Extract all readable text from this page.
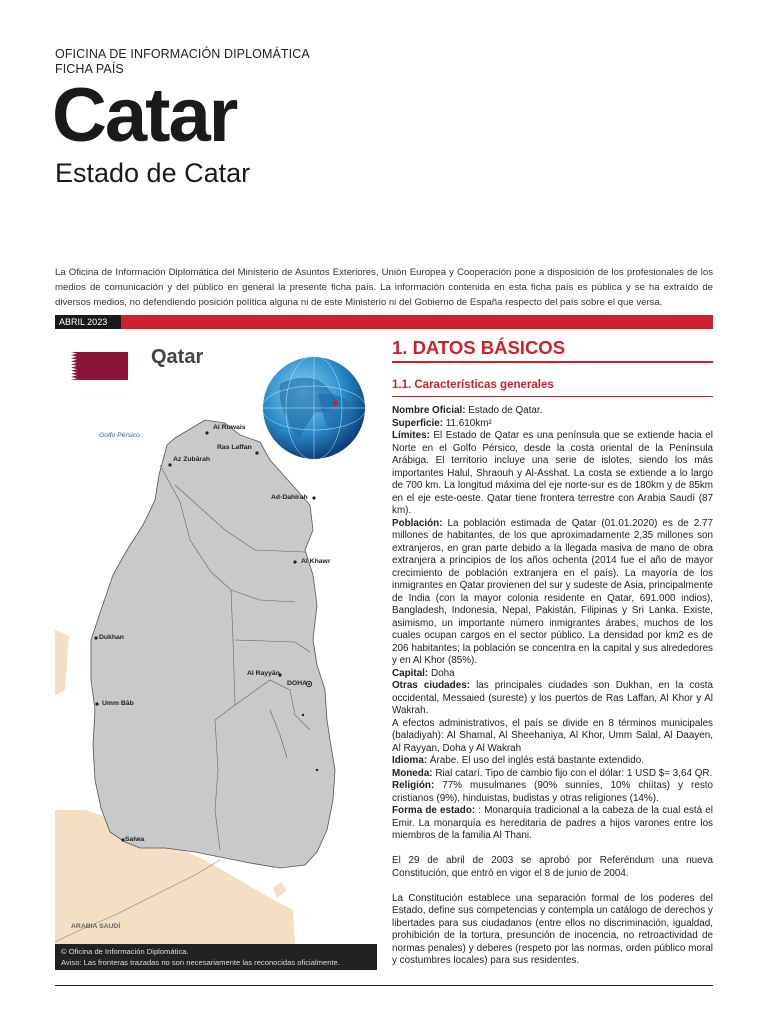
OFICINA DE INFORMACIÓN DIPLOMÁTICA
FICHA PAÍS
Catar
Estado de Catar

La Oficina de Información Diplomática del Ministerio de Asuntos Exteriores, Unión Europea y Cooperación pone a disposición de los profesionales de los medios de comunicación y del público en general la presente ficha país. La información contenida en esta ficha país es pública y se ha extraído de diversos medios, no defendiendo posición política alguna ni de este Ministerio ni del Gobierno de España respecto del país sobre el que versa.

ABRIL 2023
Qatar
Golfo Pérsico
Al Ruwais
Ras Laffan
Az Zubārah
Ad-Dahirah
Al Khawr
Dukhan
Al Rayyān
DOHA
Umm Bāb
Salwa
ARABIA SAUDÍ
© Oficina de Información Diplomática.
Aviso: Las fronteras trazadas no son necesariamente las reconocidas oficialmente.
1. DATOS BÁSICOS
1.1. Características generales

Nombre Oficial: Estado de Qatar.

Superficie: 11.610km²

Límites: El Estado de Qatar es una península que se extiende hacia el Norte en el Golfo Pérsico, desde la costa oriental de la Península Arábiga. El territorio incluye una serie de islotes, siendo los más importantes Halul, Shraouh y Al-Asshat. La costa se extiende a lo largo de 700 km. La longitud máxima del eje norte-sur es de 180km y de 85km en el eje este-oeste. Qatar tiene frontera terrestre con Arabia Saudí (87 km).

Población: La población estimada de Qatar (01.01.2020) es de 2.77 millones de habitantes, de los que aproximadamente 2,35 millones son extranjeros, en gran parte debido a la llegada masiva de mano de obra extranjera a principios de los años ochenta (2014 fue el año de mayor crecimiento de población extranjera en el país). La mayoría de los inmigrantes en Qatar provienen del sur y sudeste de Asia, principalmente de India (con la mayor colonia residente en Qatar, 691.000 indios), Bangladesh, Indonesia, Nepal, Pakistán, Filipinas y Sri Lanka. Existe, asimismo, un importante número inmigrantes árabes, muchos de los cuales ocupan cargos en el sector público. La densidad por km2 es de 206 habitantes; la población se concentra en la capital y sus alrededores y en Al Khor (85%).

Capital: Doha

Otras ciudades: las principales ciudades son Dukhan, en la costa occidental, Messaied (sureste) y los puertos de Ras Laffan, Al Khor y Al Wakrah.

A efectos administrativos, el país se divide en 8 términos municipales (baladiyah): Al Shamal, Al Sheehaniya, Al Khor, Umm Salal, Al Daayen, Al Rayyan, Doha y Al Wakrah

Idioma: Árabe. El uso del inglés está bastante extendido.

Moneda: Rial catarí. Tipo de cambio fijo con el dólar: 1 USD $= 3,64 QR.

Religión: 77% musulmanes (90% sunníes, 10% chiítas) y resto cristianos (9%), hinduistas, budistas y otras religiones (14%).

Forma de estado: : Monarquía tradicional a la cabeza de la cual está el Emir. La monarquía es hereditaria de padres a hijos varones entre los miembros de la familia Al Thani.

El 29 de abril de 2003 se aprobó por Referéndum una nueva Constitución, que entró en vigor el 8 de junio de 2004.

La Constitución establece una separación formal de los poderes del Estado, define sus competencias y contempla un catálogo de derechos y libertades para sus ciudadanos (entre ellos no discriminación, igualdad, prohibición de la tortura, presunción de inocencia, no retroactividad de normas penales) y deberes (respeto por las normas, orden público moral y costumbres locales) para sus residentes.
